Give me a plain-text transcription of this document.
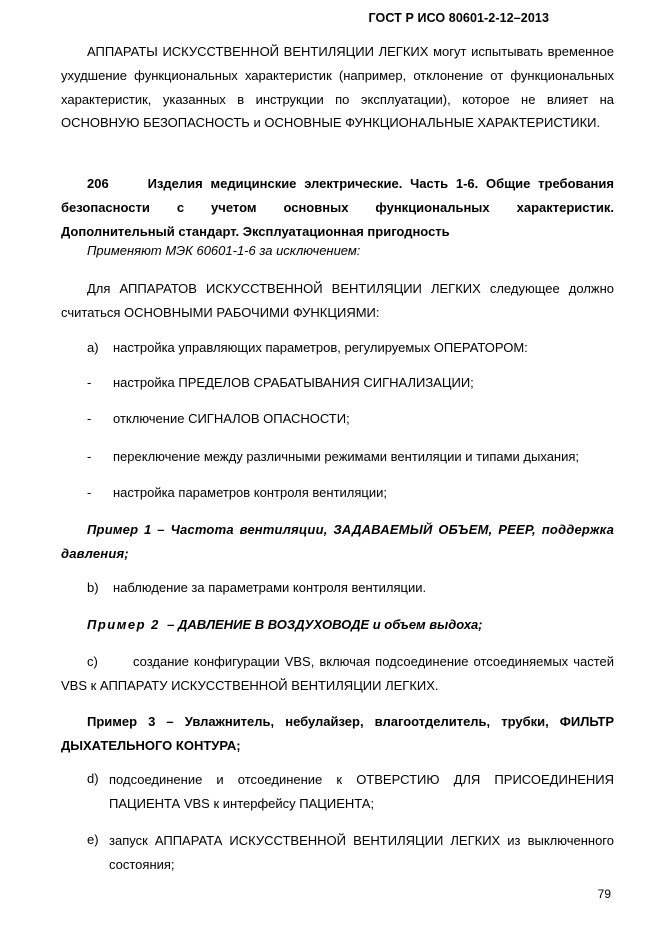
ГОСТ Р ИСО 80601-2-12–2013
АППАРАТЫ ИСКУССТВЕННОЙ ВЕНТИЛЯЦИИ ЛЕГКИХ могут испытывать временное ухудшение функциональных характеристик (например, отклонение от функциональных характеристик, указанных в инструкции по эксплуатации), которое не влияет на ОСНОВНУЮ БЕЗОПАСНОСТЬ и ОСНОВНЫЕ ФУНКЦИОНАЛЬНЫЕ ХАРАКТЕРИСТИКИ.
206	Изделия медицинские электрические. Часть 1-6. Общие требования безопасности с учетом основных функциональных характеристик. Дополнительный стандарт. Эксплуатационная пригодность
Применяют МЭК 60601-1-6 за исключением:
Для АППАРАТОВ ИСКУССТВЕННОЙ ВЕНТИЛЯЦИИ ЛЕГКИХ следующее должно считаться ОСНОВНЫМИ РАБОЧИМИ ФУНКЦИЯМИ:
a) настройка управляющих параметров, регулируемых ОПЕРАТОРОМ:
- настройка ПРЕДЕЛОВ СРАБАТЫВАНИЯ СИГНАЛИЗАЦИИ;
- отключение СИГНАЛОВ ОПАСНОСТИ;
- переключение между различными режимами вентиляции и типами дыхания;
- настройка параметров контроля вентиляции;
Пример 1 – Частота вентиляции, ЗАДАВАЕМЫЙ ОБЪЕМ, PEEP, поддержка давления;
b) наблюдение за параметрами контроля вентиляции.
Пример 2 – ДАВЛЕНИЕ В ВОЗДУХОВОДЕ и объем выдоха;
c)	создание конфигурации VBS, включая подсоединение отсоединяемых частей VBS к АППАРАТУ ИСКУССТВЕННОЙ ВЕНТИЛЯЦИИ ЛЕГКИХ.
Пример 3 – Увлажнитель, небулайзер, влагоотделитель, трубки, ФИЛЬТР ДЫХАТЕЛЬНОГО КОНТУРА;
d) подсоединение и отсоединение к ОТВЕРСТИЮ ДЛЯ ПРИСОЕДИНЕНИЯ ПАЦИЕНТА VBS к интерфейсу ПАЦИЕНТА;
e) запуск АППАРАТА ИСКУССТВЕННОЙ ВЕНТИЛЯЦИИ ЛЕГКИХ из выключенного состояния;
79
